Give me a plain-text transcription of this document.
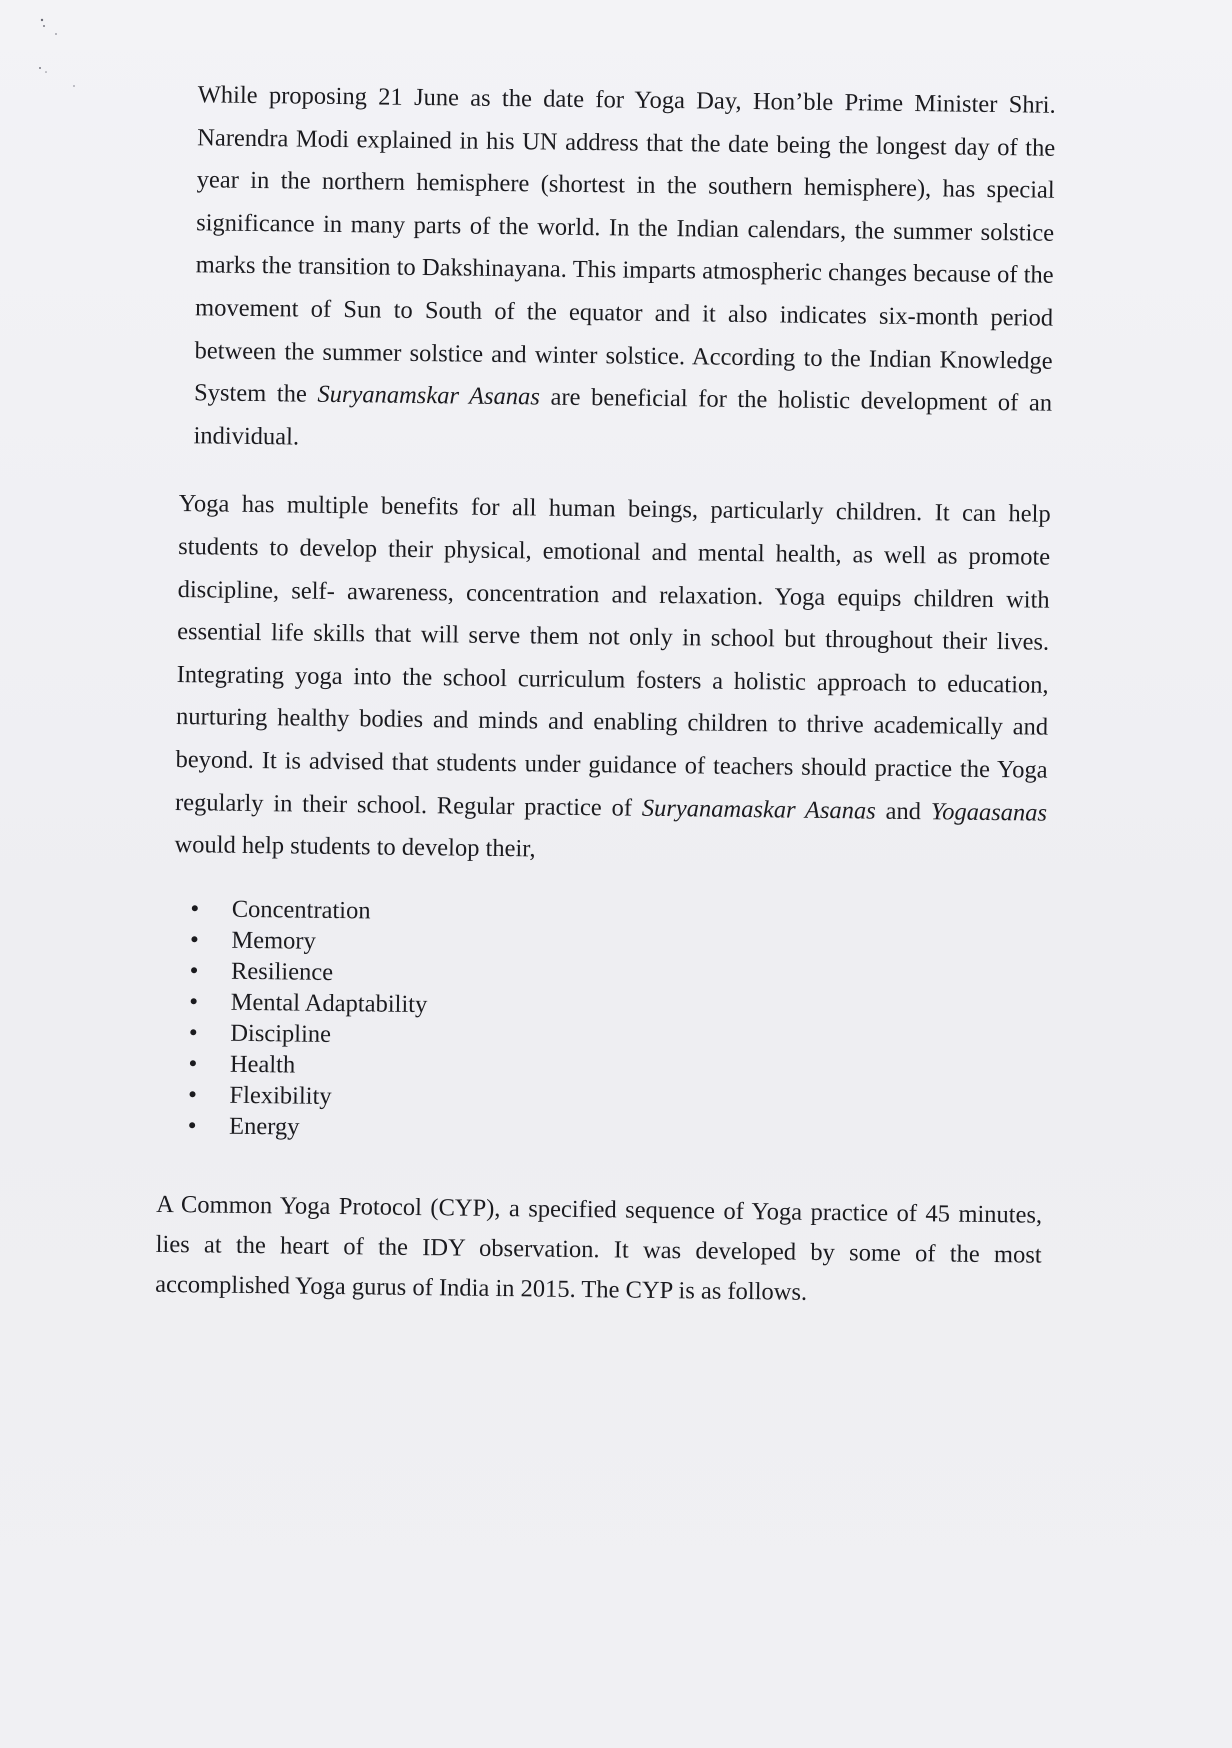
While proposing 21 June as the date for Yoga Day, Hon’ble Prime Minister Shri. Narendra Modi explained in his UN address that the date being the longest day of the year in the northern hemisphere (shortest in the southern hemisphere), has special significance in many parts of the world. In the Indian calendars, the summer solstice marks the transition to Dakshinayana. This imparts atmospheric changes because of the movement of Sun to South of the equator and it also indicates six-month period between the summer solstice and winter solstice. According to the Indian Knowledge System the Suryanamskar Asanas are beneficial for the holistic development of an individual.

Yoga has multiple benefits for all human beings, particularly children. It can help students to develop their physical, emotional and mental health, as well as promote discipline, self- awareness, concentration and relaxation. Yoga equips children with essential life skills that will serve them not only in school but throughout their lives. Integrating yoga into the school curriculum fosters a holistic approach to education, nurturing healthy bodies and minds and enabling children to thrive academically and beyond. It is advised that students under guidance of teachers should practice the Yoga regularly in their school. Regular practice of Suryanamaskar Asanas and Yogaasanas would help students to develop their,

Concentration
Memory
Resilience
Mental Adaptability
Discipline
Health
Flexibility
Energy

A Common Yoga Protocol (CYP), a specified sequence of Yoga practice of 45 minutes, lies at the heart of the IDY observation. It was developed by some of the most accomplished Yoga gurus of India in 2015. The CYP is as follows.
